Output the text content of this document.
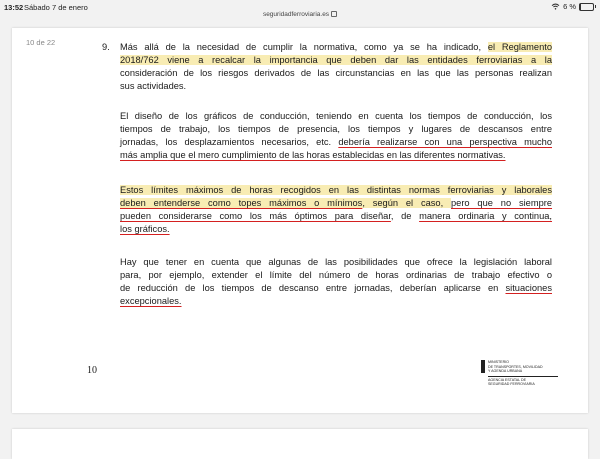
13:52 Sábado 7 de enero	6 %
seguridadferroviaria.es
10 de 22	9. Más allá de la necesidad de cumplir la normativa, como ya se ha indicado, el Reglamento
2018/762 viene a recalcar la importancia que deben dar las entidades ferroviarias a la
consideración de los riesgos derivados de las circunstancias en las que las personas realizan
sus actividades.
El diseño de los gráficos de conducción, teniendo en cuenta los tiempos de conducción, los
tiempos de trabajo, los tiempos de presencia, los tiempos y lugares de descansos entre
jornadas, los desplazamientos necesarios, etc. debería realizarse con una perspectiva mucho
más amplia que el mero cumplimiento de las horas establecidas en las diferentes normativas.
Estos límites máximos de horas recogidos en las distintas normas ferroviarias y laborales
deben entenderse como topes máximos o mínimos, según el caso, pero que no siempre
pueden considerarse como los más óptimos para diseñar, de manera ordinaria y continua,
los gráficos.
Hay que tener en cuenta que algunas de las posibilidades que ofrece la legislación laboral
para, por ejemplo, extender el límite del número de horas ordinarias de trabajo efectivo o
de reducción de los tiempos de descanso entre jornadas, deberían aplicarse en situaciones
excepcionales.
10
MINISTERIO
DE TRANSPORTES, MOVILIDAD
Y AGENDA URBANA
AGENCIA ESTATAL DE
SEGURIDAD FERROVIARIA
